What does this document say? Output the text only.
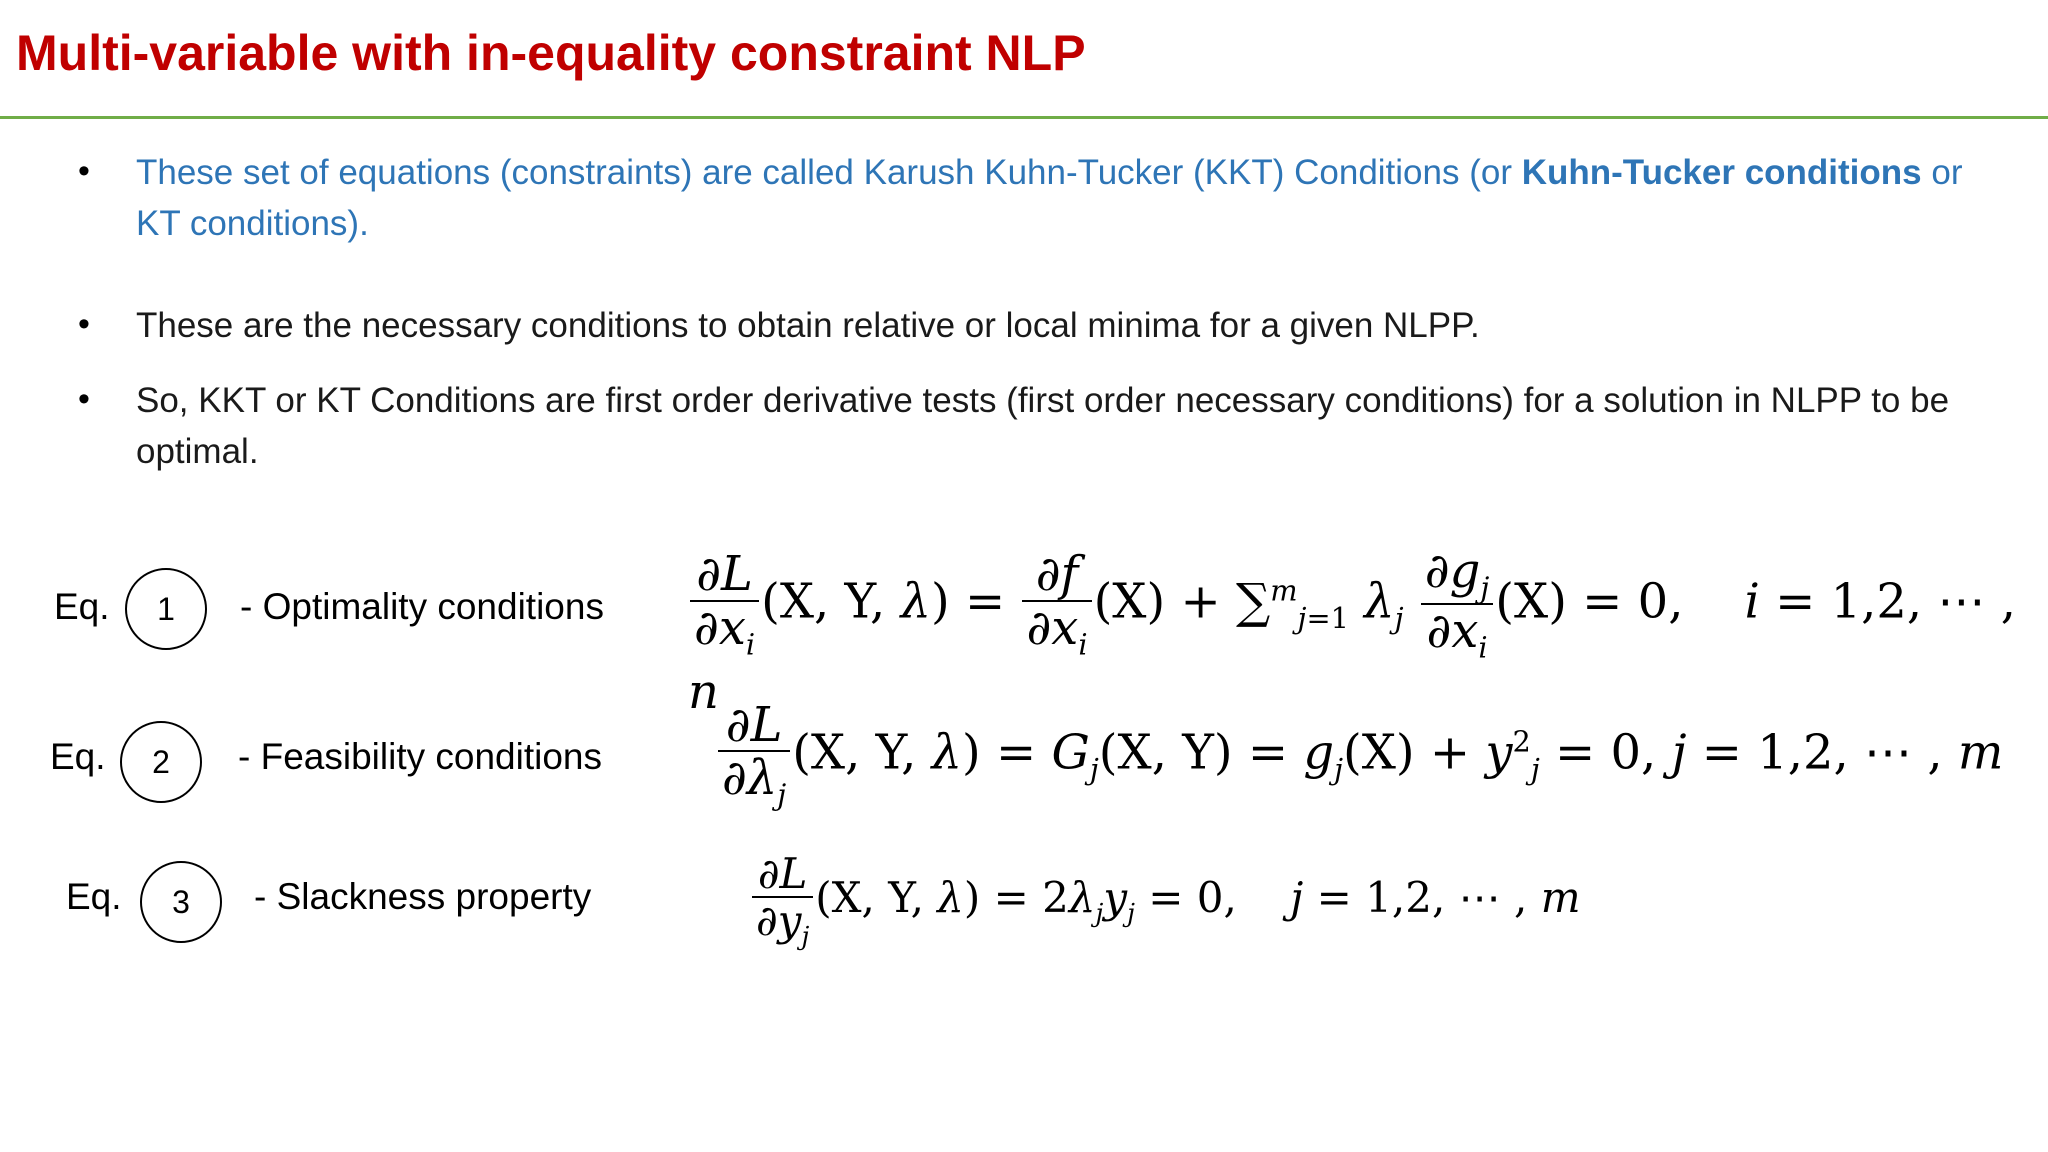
Multi-variable with in-equality constraint NLP
• These set of equations (constraints) are called Karush Kuhn-Tucker (KKT) Conditions (or Kuhn-Tucker conditions or KT conditions).
• These are the necessary conditions to obtain relative or local minima for a given NLPP.
• So, KKT or KT Conditions are first order derivative tests (first order necessary conditions) for a solution in NLPP to be optimal.
Eq. 1 - Optimality conditions $\frac{\partial L}{\partial x_i} (X$, Y, $\lambda) = \frac{\partial f}{\partial x_i} (X) + \sum^m_{j=1}$ $\lambda_j \frac{\partial g_j}{\partial x_i} (X) = 0$,    i = 1,2, ⋯ , n
Eq. 2 - Feasibility conditions $\frac{\partial L}{\partial\lambda_j} (X$, Y, $\lambda) = G_j(X$, $Y) = g_j(X) + y^2_j = 0$, j = 1,2, ⋯ , m
Eq. 3 - Slackness property	$\frac{\partial L}{\partial y_j} (X$, Y, $\lambda) = 2\lambda_jy_j = 0$,    j = 1,2, ⋯ , m
